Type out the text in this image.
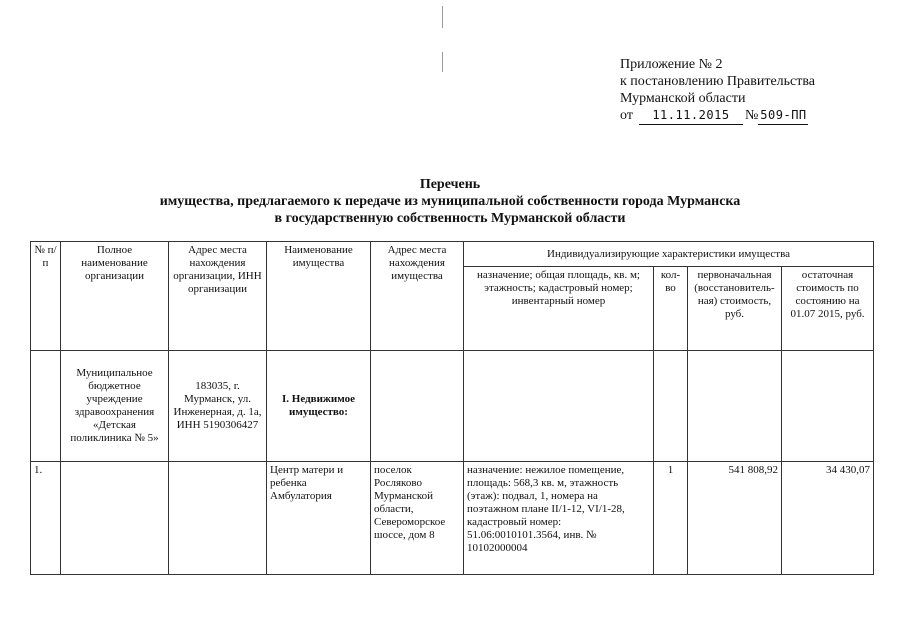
Приложение № 2
к постановлению Правительства
Мурманской области
от 11.11.2015 № 509-ПП
Перечень
имущества, предлагаемого к передаче из муниципальной собственности города Мурманска
в государственную собственность Мурманской области
№ п/п	Полное наименование организации	Адрес места нахождения организации, ИНН организации	Наименование имущества	Адрес места нахождения имущества	Индивидуализирующие характеристики имущества			
					назначение; общая площадь, кв. м; этажность; кадастровый номер; инвентарный номер	кол-во	первоначальная (восстановитель-ная) стоимость, руб.	остаточная стоимость по состоянию на 01.07 2015, руб.
	Муниципальное бюджетное учреждение здравоохранения «Детская поликлиника № 5»	183035, г. Мурманск, ул. Инженерная, д. 1а, ИНН 5190306427	I. Недвижимое имущество:					
1.			Центр матери и ребенка Амбулатория	поселок Росляково Мурманской области, Североморское шоссе, дом 8	назначение: нежилое помещение, площадь: 568,3 кв. м, этажность (этаж): подвал, 1, номера на поэтажном плане II/1-12, VI/1-28, кадастровый номер: 51.06:0010101.3564, инв. № 10102000004	1	541 808,92	34 430,07
